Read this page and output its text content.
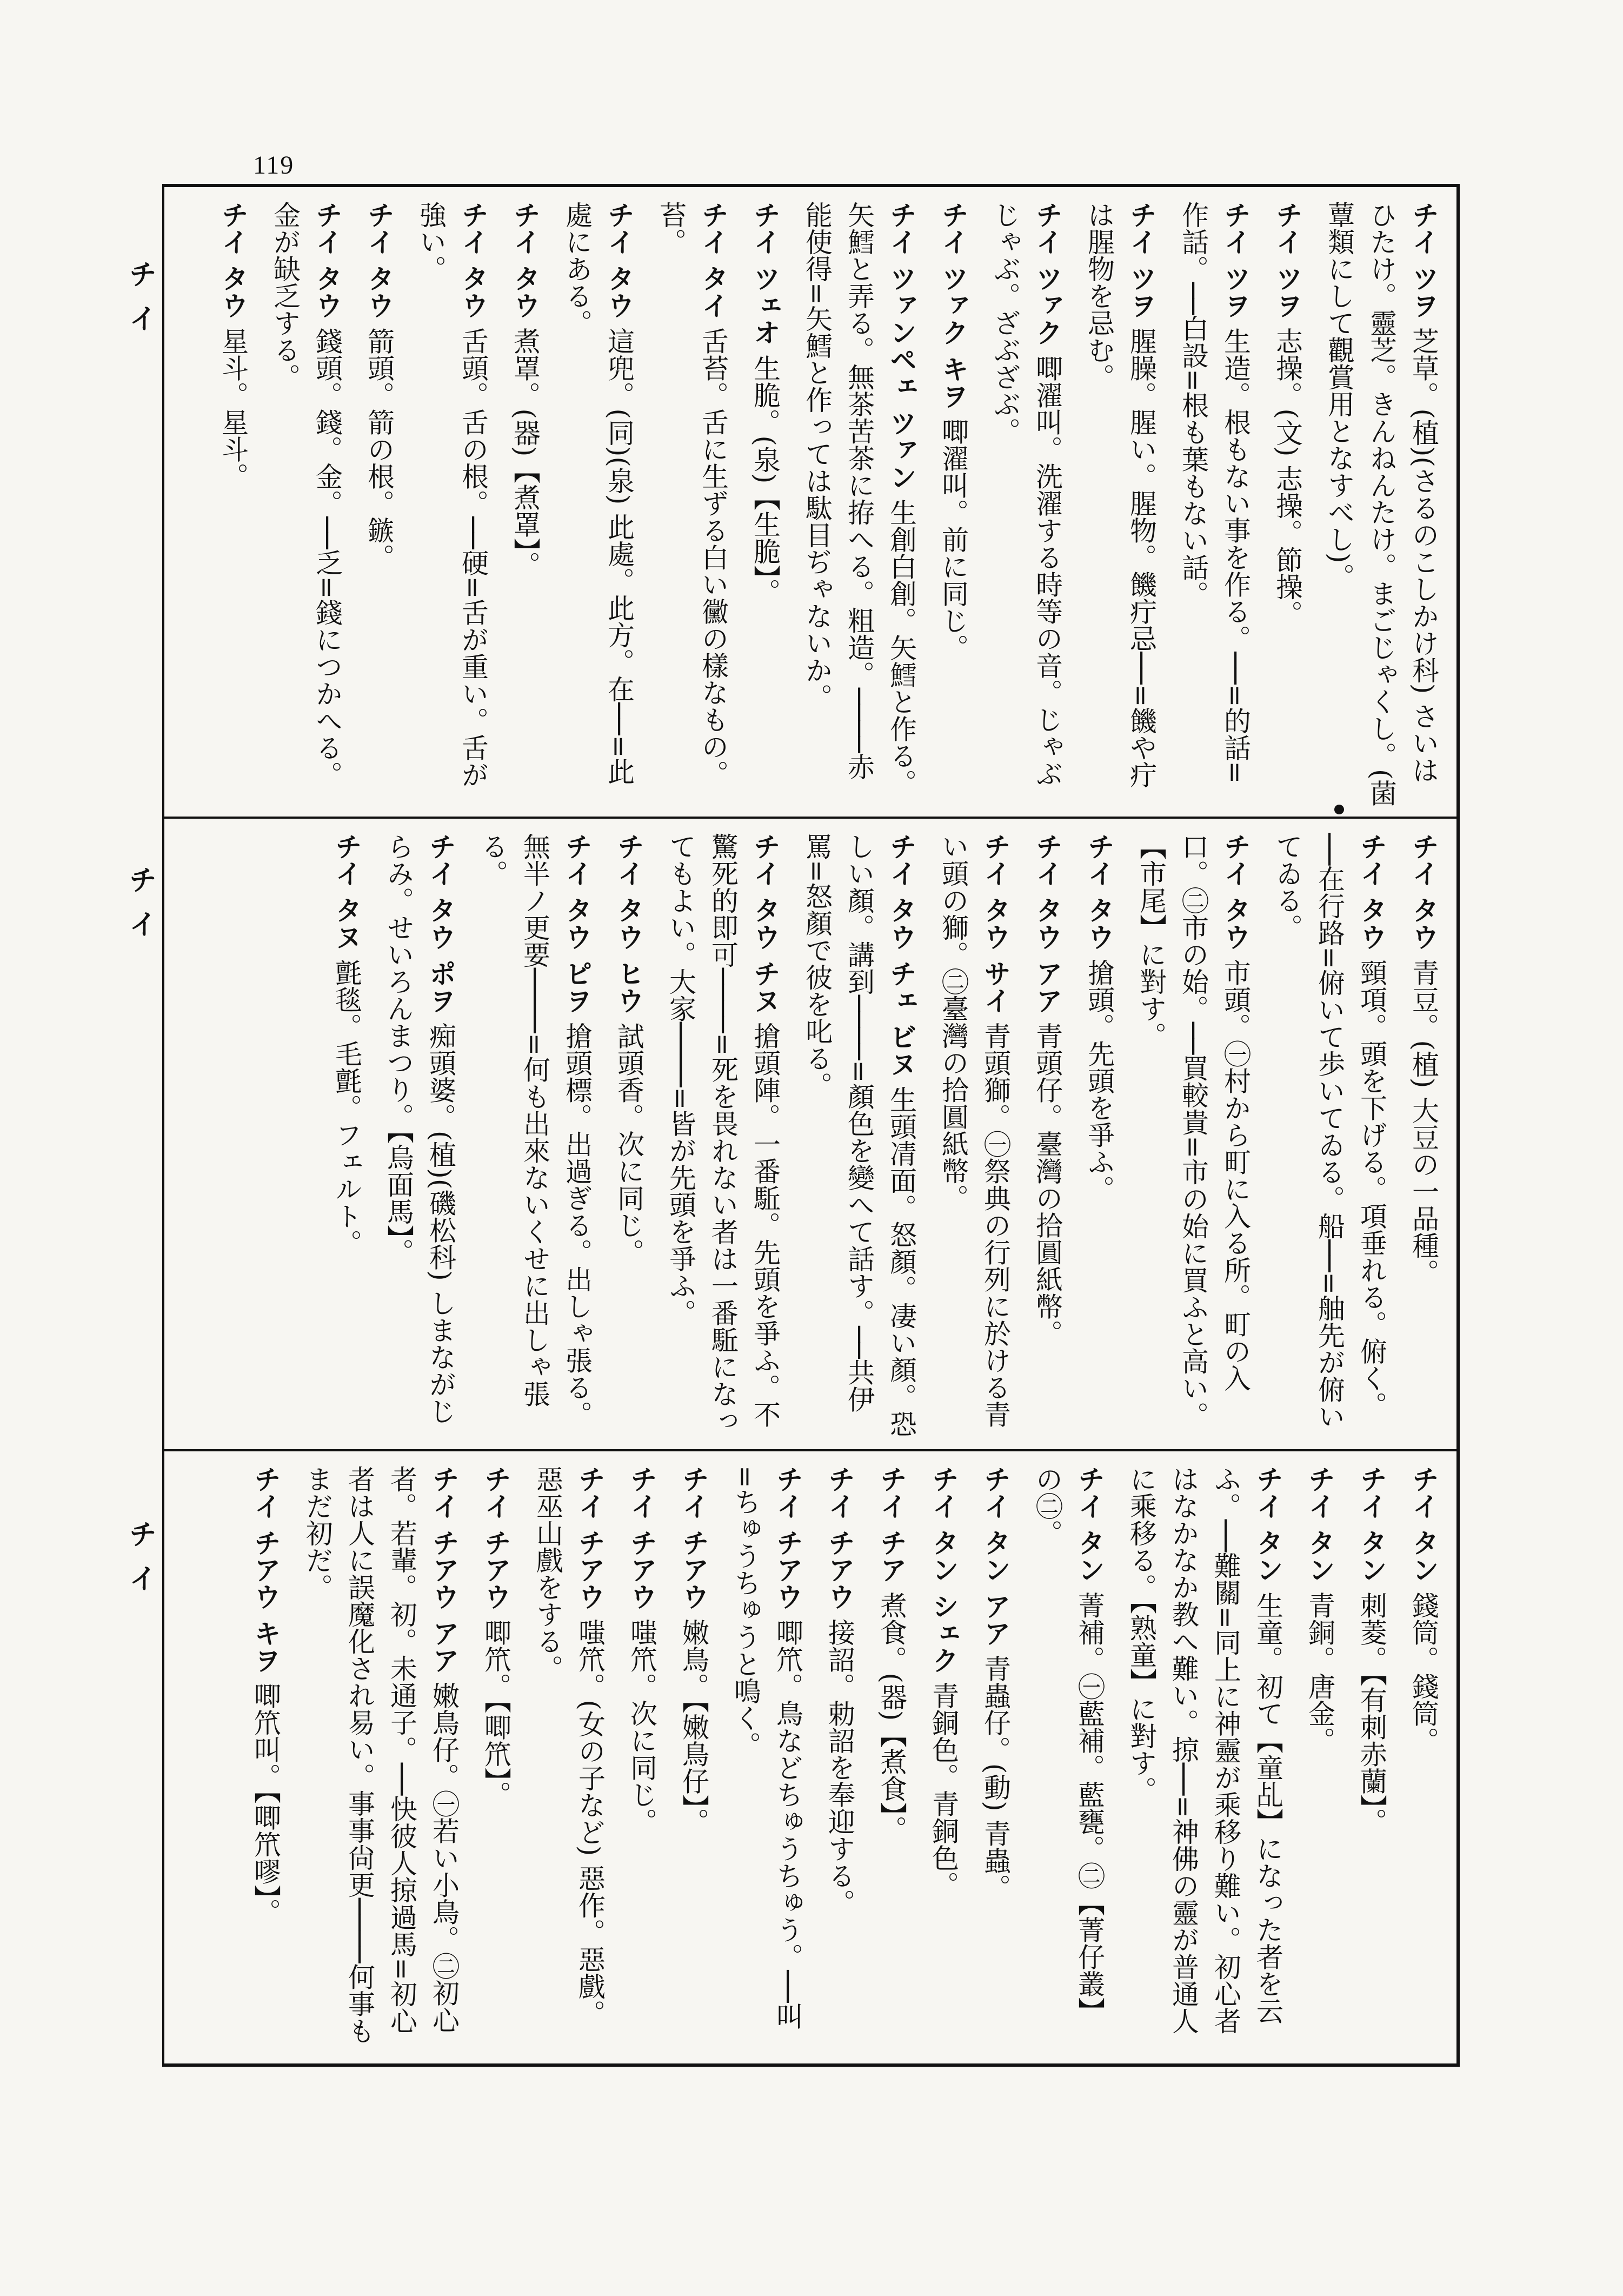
119
チイ
チイ
チイ
チイ ツヲ 芝草。(植)(さるのこしかけ科) さいはひたけ。靈芝。きんねんたけ。まごじゃくし。(菌蕈類にして觀賞用となすべし)。
チイ ツヲ 志操。(文) 志操。節操。
チイ ツヲ 生造。根もない事を作る。──=的話=作話。──白設=根も葉もない話。
チイ ツヲ 腥臊。腥い。腥物。饑疔忌──=饑や疔は腥物を忌む。
チイ ツァク 唧濯叫。洗濯する時等の音。じゃぶじゃぶ。ざぶざぶ。
チイ ツァク キヲ 唧濯叫。前に同じ。
チイ ツァンペェ ツァン 生創白創。矢鱈と作る。矢鱈と弄る。無茶苦茶に拵へる。粗造。────赤能使得=矢鱈と作っては駄目ぢゃないか。
チイ ツェオ 生脆。(泉)【生脆】。
チイ タイ 舌苔。舌に生ずる白い黴の樣なもの。苔。
チイ タウ 這兜。(同)(泉) 此處。此方。在──=此處にある。
チイ タウ 煮罩。(器)【煮罩】。
チイ タウ 舌頭。舌の根。──硬=舌が重い。舌が強い。
チイ タウ 箭頭。箭の根。鏃。
チイ タウ 錢頭。錢。金。──乏=錢につかへる。金が缺乏する。
チイ タウ 星斗。星斗。
チイ タウ 青豆。(植) 大豆の一品種。
チイ タウ 頸項。頭を下げる。項垂れる。俯く。──在行路=俯いて歩いてゐる。船──=舳先が俯いてゐる。
チイ タウ 市頭。㊀村から町に入る所。町の入口。㊁市の始。──買較貴=市の始に買ふと高い。【市尾】に對す。
チイ タウ 搶頭。先頭を爭ふ。
チイ タウ アア 青頭仔。臺灣の拾圓紙幣。
チイ タウ サイ 青頭獅。㊀祭典の行列に於ける青い頭の獅。㊁臺灣の拾圓紙幣。
チイ タウ チェ ビヌ 生頭凊面。怒顏。凄い顏。恐しい顏。講到────=顏色を變へて話す。──共伊罵=怒顏で彼を叱る。
チイ タウ チヌ 搶頭陣。一番駈。先頭を爭ふ。不驚死的即可────=死を畏れない者は一番駈になってもよい。大家────=皆が先頭を爭ふ。
チイ タウ ヒウ 試頭香。次に同じ。
チイ タウ ピヲ 搶頭標。出過ぎる。出しゃ張る。無半ノ更要────=何も出來ないくせに出しゃ張る。
チイ タウ ポヲ 痴頭婆。(植)(磯松科) しまながじらみ。せいろんまつり。【烏面馬】。
チイ タヌ 氈毯。毛氈。フェルト。
チイ タン 錢筒。錢筒。
チイ タン 刺菱。【有刺赤蘭】。
チイ タン 青銅。唐金。
チイ タン 生童。初て【童乩】になった者を云ふ。──難關=同上に神靈が乘移り難い。初心者はなかなか教へ難い。掠──=神佛の靈が普通人に乘移る。【熟童】に對す。
チイ タン 菁補。㊀藍補。藍甕。㊁【菁仔叢】の㊁。
チイ タン アア 青蟲仔。(動) 青蟲。
チイ タン シェク 青銅色。青銅色。
チイ チア 煮食。(器)【煮食】。
チイ チアウ 接詔。勅詔を奉迎する。
チイ チアウ 唧笊。鳥などちゅうちゅう。──叫=ちゅうちゅうと鳴く。
チイ チアウ 嫩鳥。【嫩鳥仔】。
チイ チアウ 嗤笊。次に同じ。
チイ チアウ 嗤笊。(女の子など) 惡作。惡戲。惡巫山戲をする。
チイ チアウ 唧笊。【唧笊】。
チイ チアウ アア 嫩鳥仔。㊀若い小鳥。㊁初心者。若輩。初。未通子。──快彼人掠過馬=初心者は人に誤魔化され易い。事事尙更────何事もまだ初だ。
チイ チアウ キヲ 唧笊叫。【唧笊嘐】。
